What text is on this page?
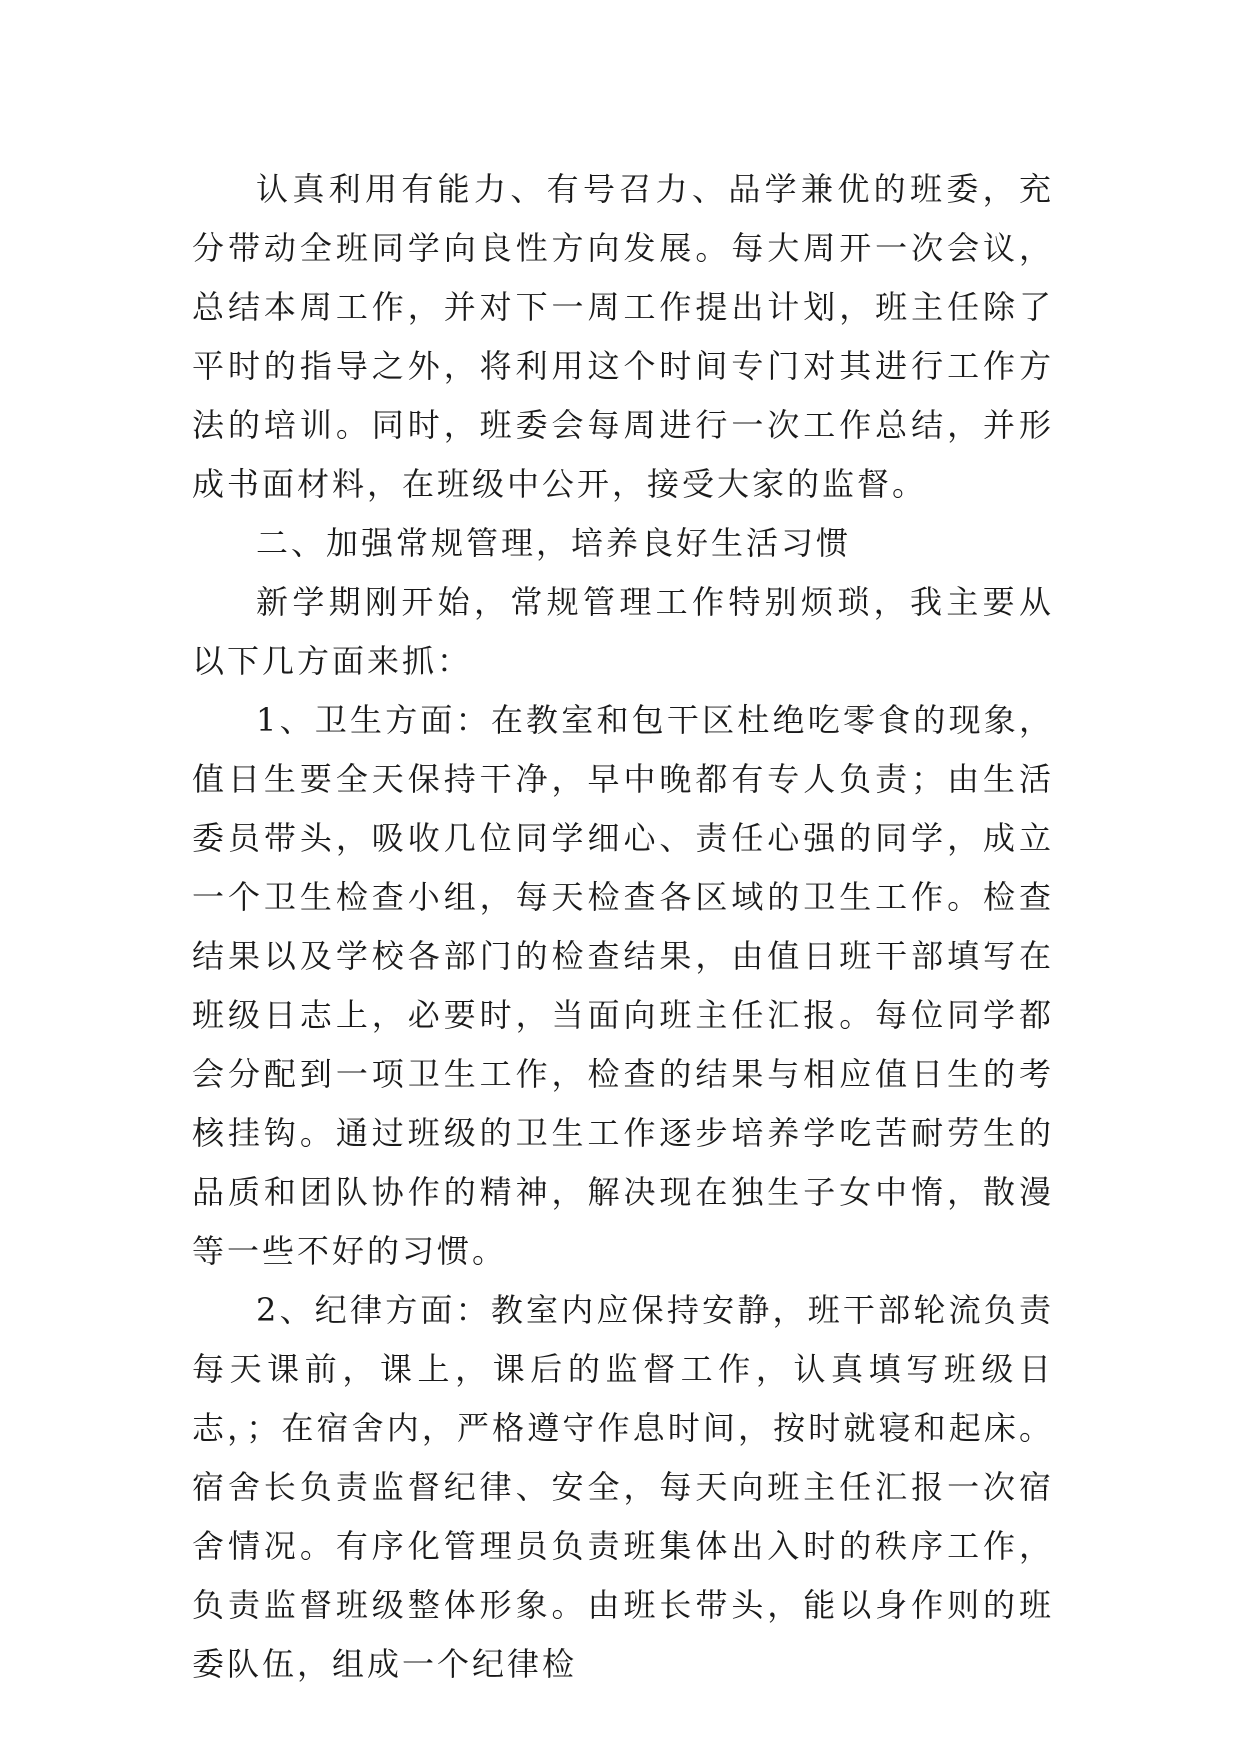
认真利用有能力、有号召力、品学兼优的班委，充分带动全班同学向良性方向发展。每大周开一次会议，总结本周工作，并对下一周工作提出计划，班主任除了平时的指导之外，将利用这个时间专门对其进行工作方法的培训。同时，班委会每周进行一次工作总结，并形成书面材料，在班级中公开，接受大家的监督。

二、加强常规管理，培养良好生活习惯

新学期刚开始，常规管理工作特别烦琐，我主要从以下几方面来抓：

1、卫生方面：在教室和包干区杜绝吃零食的现象，值日生要全天保持干净，早中晚都有专人负责；由生活委员带头，吸收几位同学细心、责任心强的同学，成立一个卫生检查小组，每天检查各区域的卫生工作。检查结果以及学校各部门的检查结果，由值日班干部填写在班级日志上，必要时，当面向班主任汇报。每位同学都会分配到一项卫生工作，检查的结果与相应值日生的考核挂钩。通过班级的卫生工作逐步培养学吃苦耐劳生的品质和团队协作的精神，解决现在独生子女中惰，散漫等一些不好的习惯。

2、纪律方面：教室内应保持安静，班干部轮流负责每天课前，课上，课后的监督工作，认真填写班级日志，；在宿舍内，严格遵守作息时间，按时就寝和起床。宿舍长负责监督纪律、安全，每天向班主任汇报一次宿舍情况。有序化管理员负责班集体出入时的秩序工作，负责监督班级整体形象。由班长带头，能以身作则的班委队伍，组成一个纪律检
